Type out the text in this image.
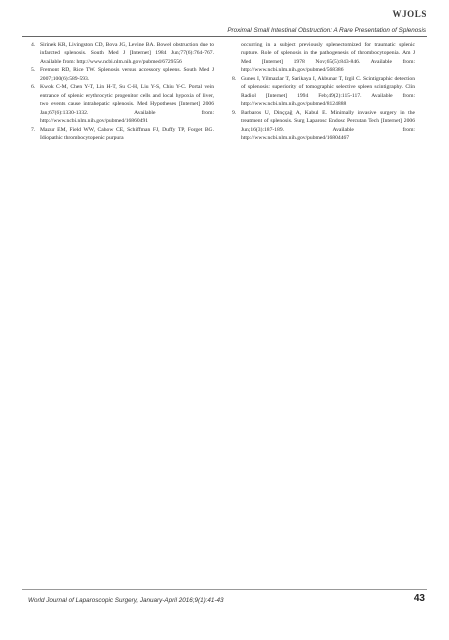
WJOLS
Proximal Small Intestinal Obstruction: A Rare Presentation of Splenosis
4. Sirinek KR, Livingston CD, Bova JG, Levine BA. Bowel obstruction due to infarcted splenosis. South Med J [Internet] 1984 Jun;77(6):764-767. Available from: http://www.ncbi.nlm.nih.gov/pubmed/6729556
5. Fremont RD, Rice TW. Splenosis versus accessory spleens. South Med J 2007;100(6):589-593.
6. Kwok C-M, Chen Y-T, Lin H-T, Su C-H, Liu Y-S, Chiu Y-C. Portal vein entrance of splenic erythrocytic progenitor cells and local hypoxia of liver, two events cause intrahepatic splenosis. Med Hypotheses [Internet] 2006 Jan;67(6):1330-1332. Available from: http://www.ncbi.nlm.nih.gov/pubmed/16860491
7. Mazur EM, Field WW, Cahow CE, Schiffman FJ, Duffy TP, Forget BG. Idiopathic thrombocytopenic purpura
occurring in a subject previously splenectomized for traumatic splenic rupture. Role of splenosis in the pathogenesis of thrombocytopenia. Am J Med [Internet] 1978 Nov;65(5):843-846. Available from: http://www.ncbi.nlm.nih.gov/pubmed/568386
8. Gunes I, Yilmazlar T, Sarikaya I, Akbunar T, Irgil C. Scintigraphic detection of splenosis: superiority of tomographic selective spleen scintigraphy. Clin Radiol [Internet] 1994 Feb;49(2):115-117. Available from: http://www.ncbi.nlm.nih.gov/pubmed/8124888
9. Barbaros U, Dinççağ A, Kabul E. Minimally invasive surgery in the treatment of splenosis. Surg Laparosc Endosc Percutan Tech [Internet] 2006 Jun;16(3):187-189. Available from: http://www.ncbi.nlm.nih.gov/pubmed/16804467
World Journal of Laparoscopic Surgery, January-April 2016;9(1):41-43	43
